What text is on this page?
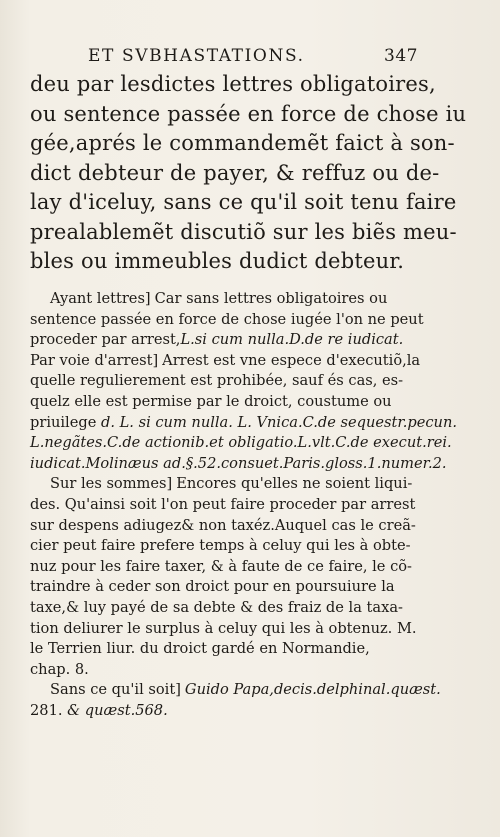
ET SVBHASTATIONS.	347
deu par lesdictes lettres obligatoires,
ou sentence passée en force de chose iu
gée,aprés le commandemẽt faict à son-
dict debteur de payer, & reffuz ou de-
lay d'iceluy, sans ce qu'il soit tenu faire
prealablemẽt discutiõ sur les biẽs meu-
bles ou immeubles dudict debteur.
Ayant lettres] Car sans lettres obligatoires ou
sentence passée en force de chose iugée l'on ne peut
proceder par arrest,L.si cum nulla.D.de re iudicat.
Par voie d'arrest] Arrest est vne espece d'executiõ,la
quelle regulierement est prohibée, sauf és cas, es-
quelz elle est permise par le droict, coustume ou
priuilege d. L. si cum nulla. L. Vnica.C.de sequestr.pecun.
L.negãtes.C.de actionib.et obligatio.L.vlt.C.de execut.rei.
iudicat.Molinæus ad.§.52.consuet.Paris.gloss.1.numer.2.
Sur les sommes] Encores qu'elles ne soient liqui-
des. Qu'ainsi soit l'on peut faire proceder par arrest
sur despens adiugez& non taxéz.Auquel cas le creã-
cier peut faire prefere temps à celuy qui les à obte-
nuz pour les faire taxer, & à faute de ce faire, le cõ-
traindre à ceder son droict pour en poursuiure la
taxe,& luy payé de sa debte & des fraiz de la taxa-
tion deliurer le surplus à celuy qui les à obtenuz. M.
le Terrien liur. du droict gardé en Normandie,
chap. 8.
Sans ce qu'il soit] Guido Papa,decis.delphinal.quæst.
281. & quæst.568.
